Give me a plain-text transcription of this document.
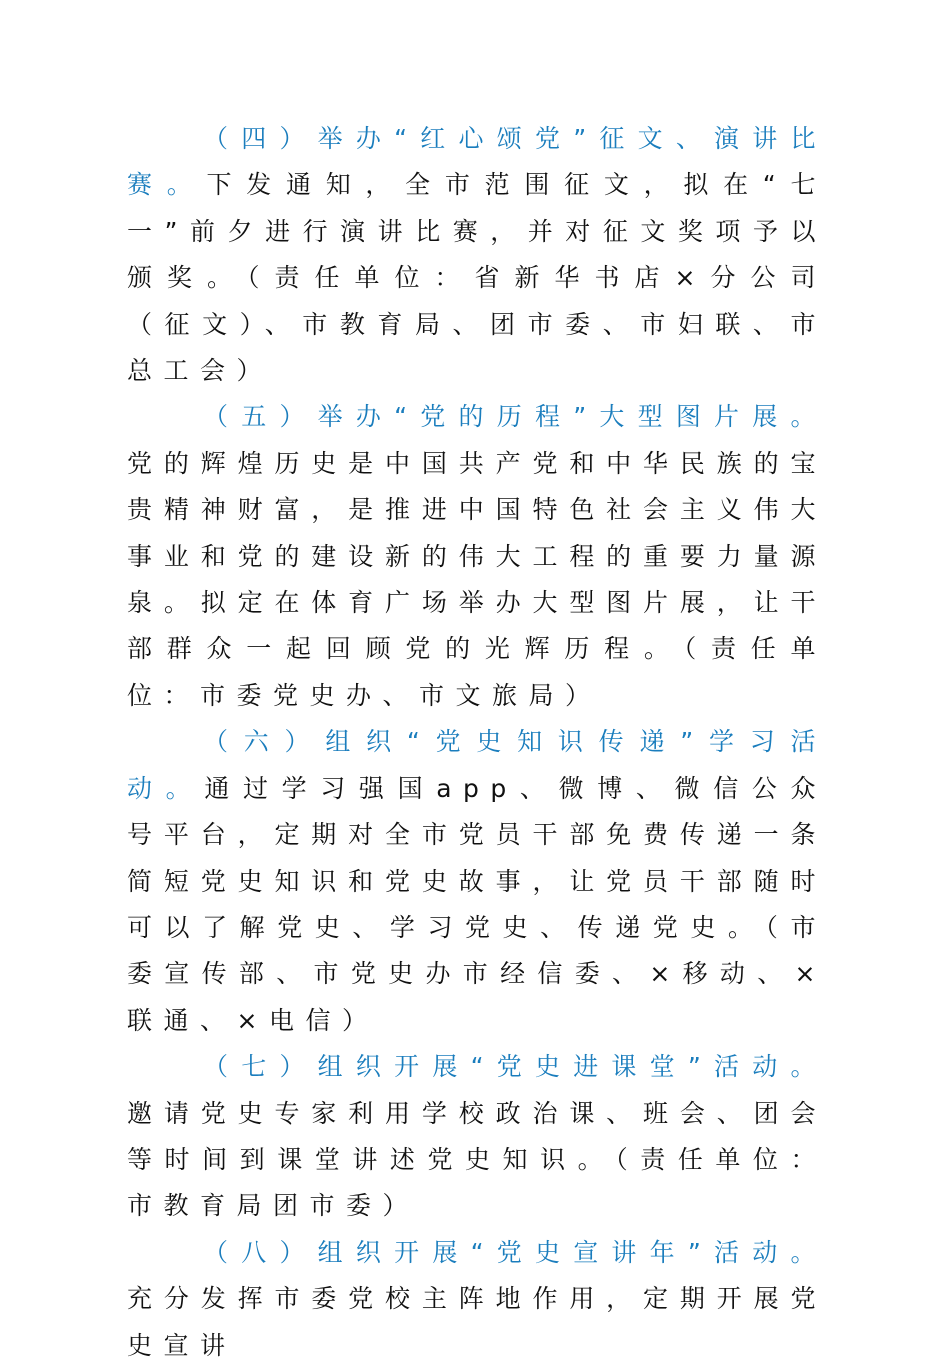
（四）举办“红心颂党”征文、演讲比赛。下发通知，全市范围征文，拟在“七一”前夕进行演讲比赛，并对征文奖项予以颁奖。（责任单位：省新华书店×分公司（征文）、市教育局、团市委、市妇联、市总工会）

（五）举办“党的历程”大型图片展。党的辉煌历史是中国共产党和中华民族的宝贵精神财富，是推进中国特色社会主义伟大事业和党的建设新的伟大工程的重要力量源泉。拟定在体育广场举办大型图片展，让干部群众一起回顾党的光辉历程。（责任单位：市委党史办、市文旅局）

（六）组织“党史知识传递”学习活动。通过学习强国app、微博、微信公众号平台，定期对全市党员干部免费传递一条简短党史知识和党史故事，让党员干部随时可以了解党史、学习党史、传递党史。（市委宣传部、市党史办市经信委、×移动、×联通、×电信）

（七）组织开展“党史进课堂”活动。邀请党史专家利用学校政治课、班会、团会等时间到课堂讲述党史知识。（责任单位：市教育局团市委）

（八）组织开展“党史宣讲年”活动。充分发挥市委党校主阵地作用，定期开展党史宣讲
